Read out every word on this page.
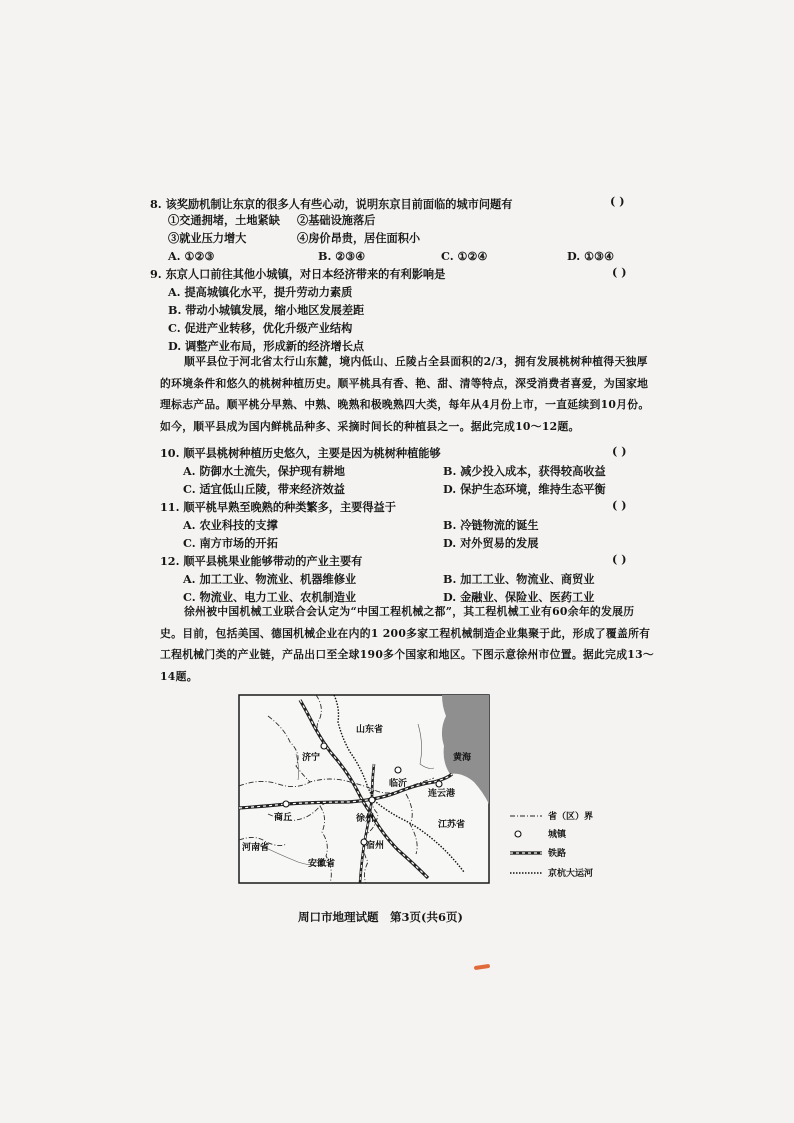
8. 该奖励机制让东京的很多人有些心动，说明东京目前面临的城市问题有	( )
①交通拥堵，土地紧缺 ②基础设施落后
③就业压力增大	④房价昂贵，居住面积小
A. ①②③	B. ②③④	C. ①②④	D. ①③④
9. 东京人口前往其他小城镇，对日本经济带来的有利影响是	( )
A. 提高城镇化水平，提升劳动力素质
B. 带动小城镇发展，缩小地区发展差距
C. 促进产业转移，优化升级产业结构
D. 调整产业布局，形成新的经济增长点
顺平县位于河北省太行山东麓，境内低山、丘陵占全县面积的2/3，拥有发展桃树种植得天独厚的环境条件和悠久的桃树种植历史。顺平桃具有香、艳、甜、清等特点，深受消费者喜爱，为国家地理标志产品。顺平桃分早熟、中熟、晚熟和极晚熟四大类，每年从4月份上市，一直延续到10月份。如今，顺平县成为国内鲜桃品种多、采摘时间长的种植县之一。据此完成10～12题。
10. 顺平县桃树种植历史悠久，主要是因为桃树种植能够	( )
A. 防御水土流失，保护现有耕地	B. 减少投入成本，获得较高收益
C. 适宜低山丘陵，带来经济效益	D. 保护生态环境，维持生态平衡
11. 顺平桃早熟至晚熟的种类繁多，主要得益于	( )
A. 农业科技的支撑	B. 冷链物流的诞生
C. 南方市场的开拓	D. 对外贸易的发展
12. 顺平县桃果业能够带动的产业主要有	( )
A. 加工工业、物流业、机器维修业	B. 加工工业、物流业、商贸业
C. 物流业、电力工业、农机制造业	D. 金融业、保险业、医药工业
徐州被中国机械工业联合会认定为“中国工程机械之都”，其工程机械工业有60余年的发展历史。目前，包括美国、德国机械企业在内的1 200多家工程机械制造企业集聚于此，形成了覆盖所有工程机械门类的产业链，产品出口至全球190多个国家和地区。下图示意徐州市位置。据此完成13～14题。
山东省
济宁
临沂
黄海
连云港
商丘	徐州
江苏省
河南省
安徽省
宿州
省（区）界
城镇
铁路
京杭大运河
周口市地理试题　第3页(共6页)
